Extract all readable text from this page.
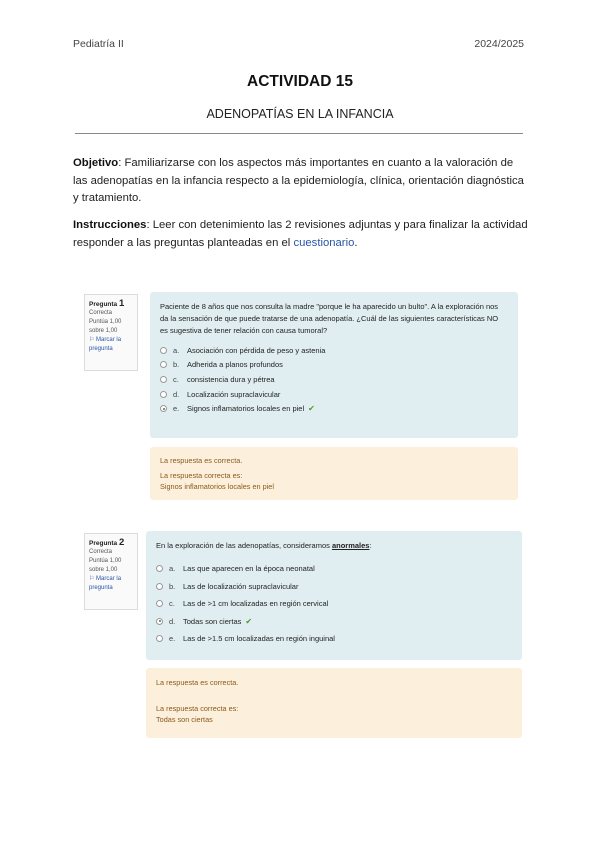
Pediatría II	2024/2025
ACTIVIDAD 15
ADENOPATÍAS EN LA INFANCIA
Objetivo: Familiarizarse con los aspectos más importantes en cuanto a la valoración de las adenopatías en la infancia respecto a la epidemiología, clínica, orientación diagnóstica y tratamiento.
Instrucciones: Leer con detenimiento las 2 revisiones adjuntas y para finalizar la actividad responder a las preguntas planteadas en el cuestionario.
Pregunta 1
Correcta
Puntúa 1,00 sobre 1,00
⚐ Marcar la pregunta
Paciente de 8 años que nos consulta la madre "porque le ha aparecido un bulto". A la exploración nos da la sensación de que puede tratarse de una adenopatía. ¿Cuál de las siguientes características NO es sugestiva de tener relación con causa tumoral?
a.	Asociación con pérdida de peso y astenia
b.	Adherida a planos profundos
c.	consistencia dura y pétrea
d.	Localización supraclavicular
e.	Signos inflamatorios locales en piel ✔
La respuesta es correcta.
La respuesta correcta es:
Signos inflamatorios locales en piel
Pregunta 2
Correcta
Puntúa 1,00 sobre 1,00
⚐ Marcar la pregunta
En la exploración de las adenopatías, consideramos anormales:
a.	Las que aparecen en la época neonatal
b.	Las de localización supraclavicular
c.	Las de >1 cm localizadas en región cervical
d.	Todas son ciertas ✔
e.	Las de >1.5 cm localizadas en región inguinal
La respuesta es correcta.
La respuesta correcta es:
Todas son ciertas
